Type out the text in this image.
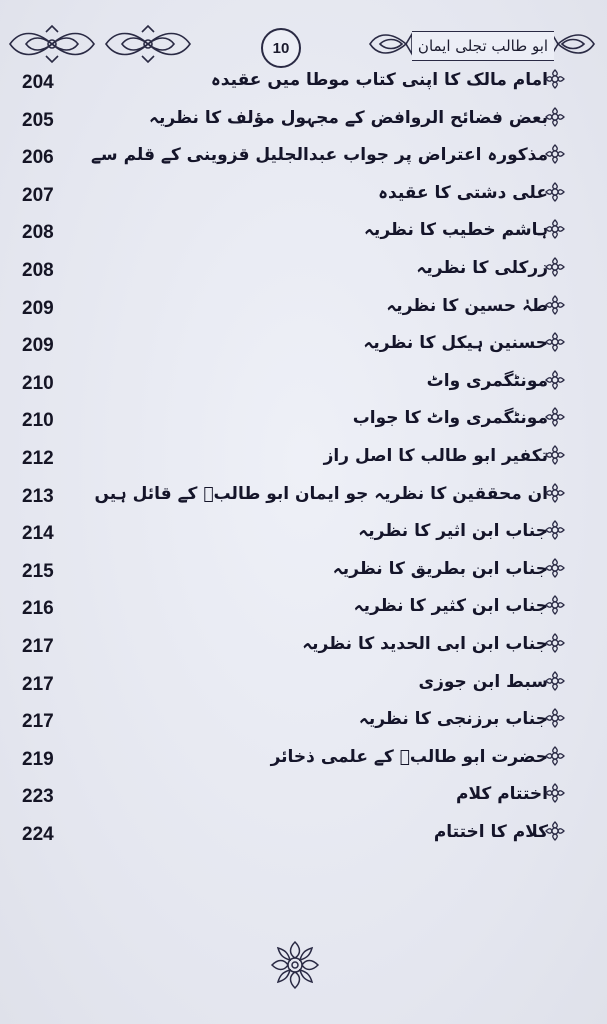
ابو طالب تجلی ایمان
10
204	امام مالک کا اپنی کتاب موطا میں عقیدہ
205	بعض فضائح الروافض کے مجہول مؤلف کا نظریہ
206	مذکورہ اعتراض پر جواب عبدالجلیل قزوینی کے قلم سے
207	علی دشتی کا عقیدہ
208	ہاشم خطیب کا نظریہ
208	زرکلی کا نظریہ
209	طہٰ حسین کا نظریہ
209	حسنین ہیکل کا نظریہ
210	مونٹگمری واٹ
210	مونٹگمری واٹ کا جواب
212	تکفیر ابو طالب کا اصل راز
213	ان محققین کا نظریہ جو ایمان ابو طالبؑ کے قائل ہیں
214	جناب ابن اثیر کا نظریہ
215	جناب ابن بطریق کا نظریہ
216	جناب ابن کثیر کا نظریہ
217	جناب ابن ابی الحدید کا نظریہ
217	سبط ابن جوزی
217	جناب برزنجی کا نظریہ
219	حضرت ابو طالبؑ کے علمی ذخائر
223	اختتام کلام
224	کلام کا اختتام
